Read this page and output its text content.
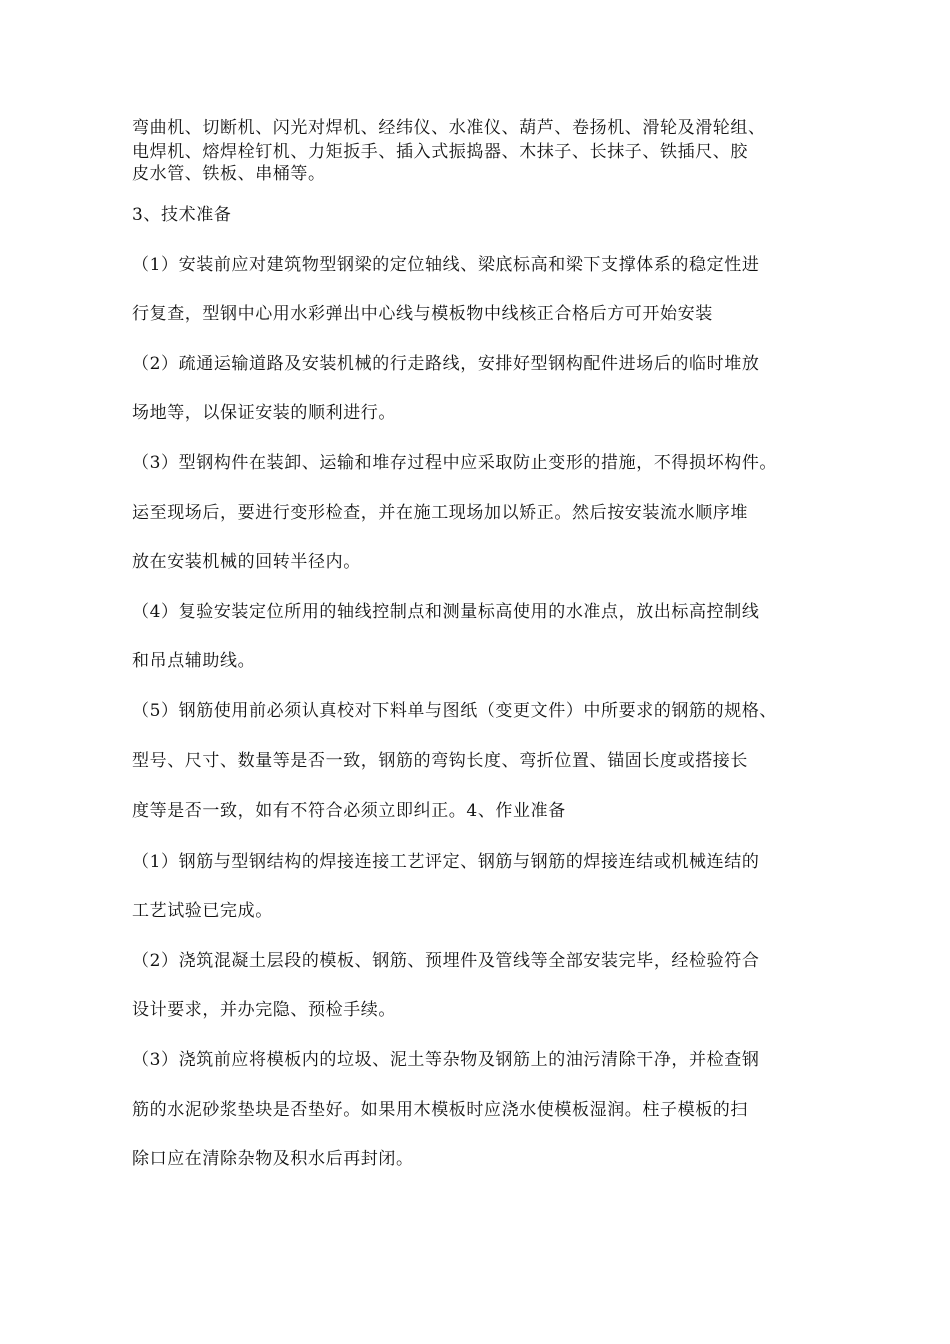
弯曲机、切断机、闪光对焊机、经纬仪、水准仪、葫芦、卷扬机、滑轮及滑轮组、
电焊机、熔焊栓钉机、力矩扳手、插入式振捣器、木抹子、长抹子、铁插尺、胶
皮水管、铁板、串桶等。
3、技术准备
（1）安装前应对建筑物型钢梁的定位轴线、梁底标高和梁下支撑体系的稳定性进
行复查，型钢中心用水彩弹出中心线与模板物中线核正合格后方可开始安装
（2）疏通运输道路及安装机械的行走路线，安排好型钢构配件进场后的临时堆放
场地等，以保证安装的顺利进行。
（3）型钢构件在装卸、运输和堆存过程中应采取防止变形的措施，不得损坏构件。
运至现场后，要进行变形检查，并在施工现场加以矫正。然后按安装流水顺序堆
放在安装机械的回转半径内。
（4）复验安装定位所用的轴线控制点和测量标高使用的水准点，放出标高控制线
和吊点辅助线。
（5）钢筋使用前必须认真校对下料单与图纸（变更文件）中所要求的钢筋的规格、
型号、尺寸、数量等是否一致，钢筋的弯钩长度、弯折位置、锚固长度或搭接长
度等是否一致，如有不符合必须立即纠正。4、作业准备
（1）钢筋与型钢结构的焊接连接工艺评定、钢筋与钢筋的焊接连结或机械连结的
工艺试验已完成。
（2）浇筑混凝土层段的模板、钢筋、预埋件及管线等全部安装完毕，经检验符合
设计要求，并办完隐、预检手续。
（3）浇筑前应将模板内的垃圾、泥土等杂物及钢筋上的油污清除干净，并检查钢
筋的水泥砂浆垫块是否垫好。如果用木模板时应浇水使模板湿润。柱子模板的扫
除口应在清除杂物及积水后再封闭。
